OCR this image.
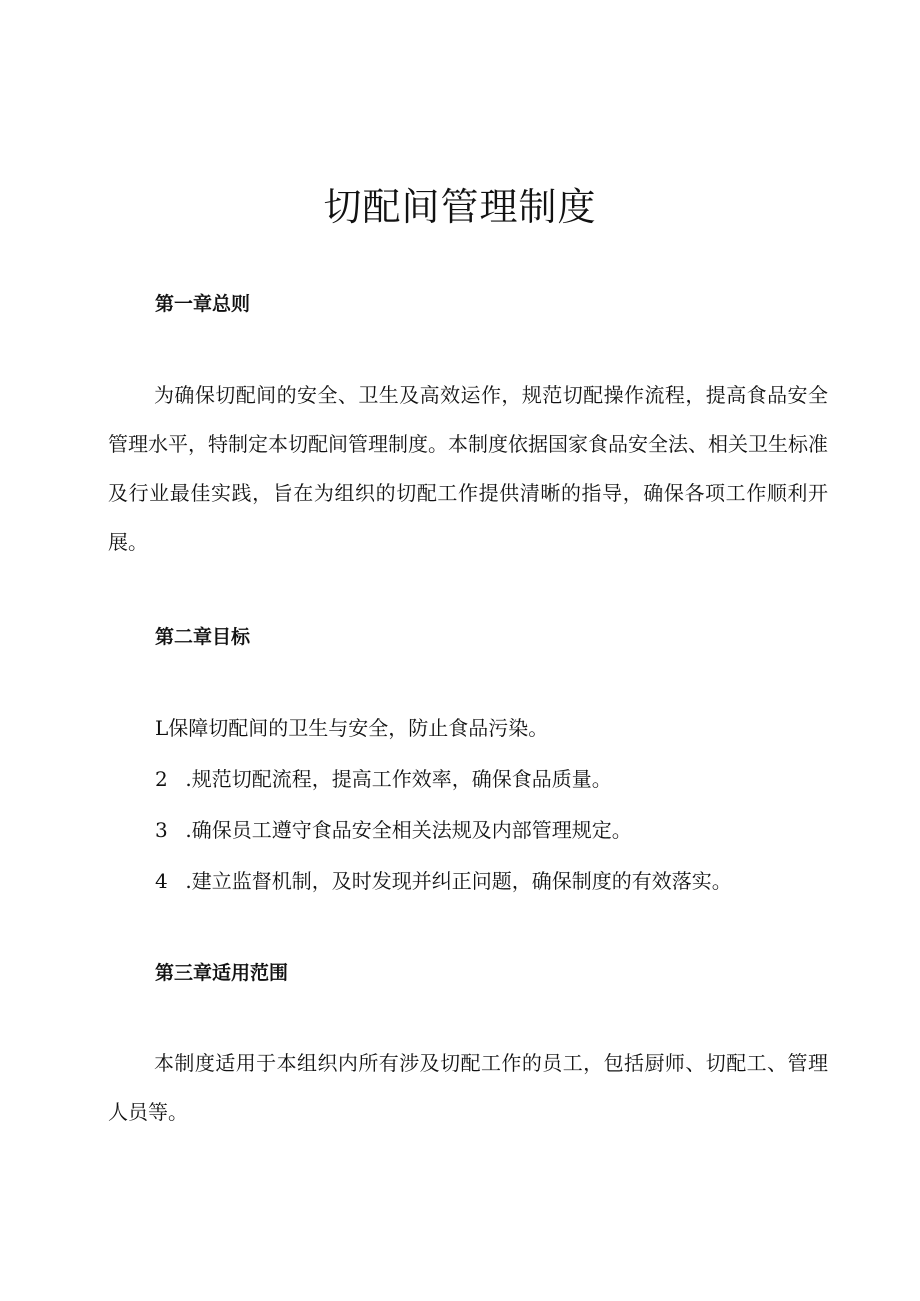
切配间管理制度
第一章总则

为确保切配间的安全、卫生及高效运作，规范切配操作流程，提高食品安全管理水平，特制定本切配间管理制度。本制度依据国家食品安全法、相关卫生标准及行业最佳实践，旨在为组织的切配工作提供清晰的指导，确保各项工作顺利开展。

第二章目标
L保障切配间的卫生与安全，防止食品污染。
2 .规范切配流程，提高工作效率，确保食品质量。
3 .确保员工遵守食品安全相关法规及内部管理规定。
4 .建立监督机制，及时发现并纠正问题，确保制度的有效落实。
第三章适用范围

本制度适用于本组织内所有涉及切配工作的员工，包括厨师、切配工、管理人员等。
